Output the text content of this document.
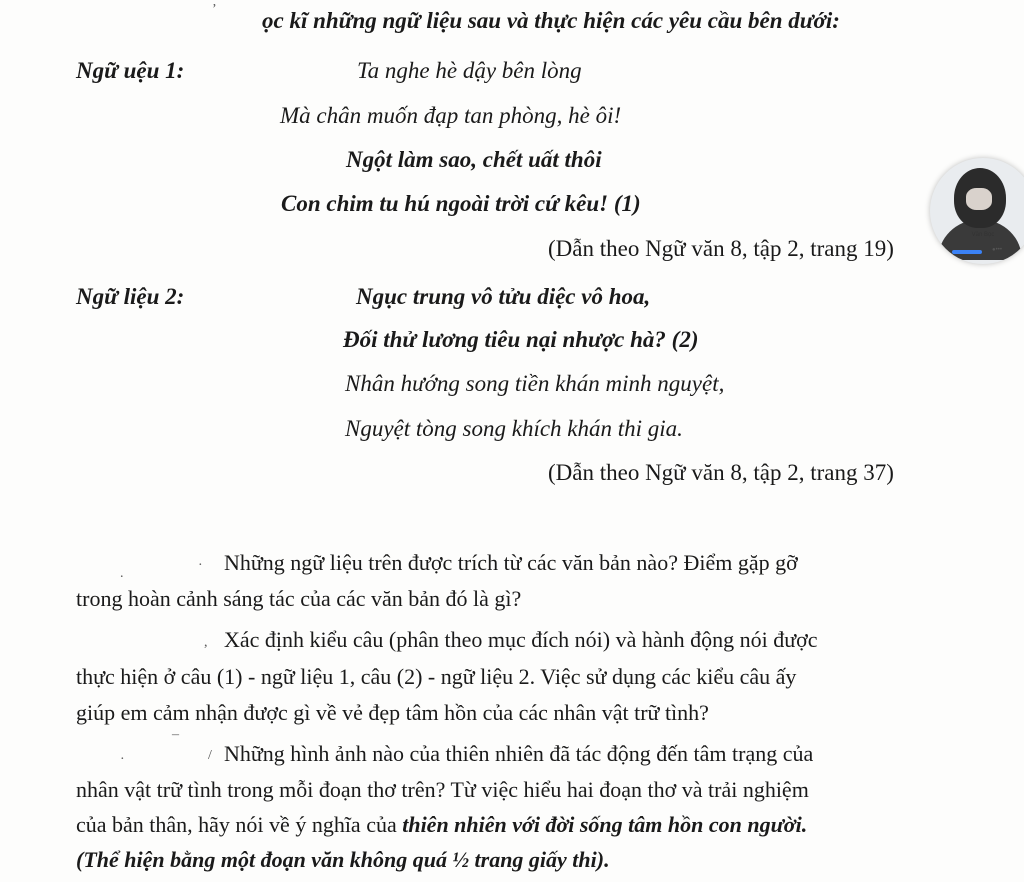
’ ọc kĩ những ngữ liệu sau và thực hiện các yêu cầu bên dưới:
Ngữ uệu 1:	Ta nghe hè dậy bên lòng
Mà chân muốn đạp tan phòng, hè ôi!
Ngột làm sao, chết uất thôi
Con chim tu hú ngoài trời cứ kêu! (1)
(Dẫn theo Ngữ văn 8, tập 2, trang 19)
Ngữ liệu 2:	Ngục trung vô tửu diệc vô hoa,
Đối thử lương tiêu nại nhược hà? (2)
Nhân hướng song tiền khán minh nguyệt,
Nguyệt tòng song khích khán thi gia.
(Dẫn theo Ngữ văn 8, tập 2, trang 37)
.
· Những ngữ liệu trên được trích từ các văn bản nào? Điểm gặp gỡ
trong hoàn cảnh sáng tác của các văn bản đó là gì?
, Xác định kiểu câu (phân theo mục đích nói) và hành động nói được
thực hiện ở câu (1) - ngữ liệu 1, câu (2) - ngữ liệu 2. Việc sử dụng các kiểu câu ấy
giúp em cảm nhận được gì về vẻ đẹp tâm hồn của các nhân vật trữ tình?
·
¯
/ Những hình ảnh nào của thiên nhiên đã tác động đến tâm trạng của
nhân vật trữ tình trong mỗi đoạn thơ trên? Từ việc hiểu hai đoạn thơ và trải nghiệm
của bản thân, hãy nói về ý nghĩa của thiên nhiên với đời sống tâm hồn con người.
(Thể hiện bằng một đoạn văn không quá ½ trang giấy thi).
Văn Bọc
●•••
